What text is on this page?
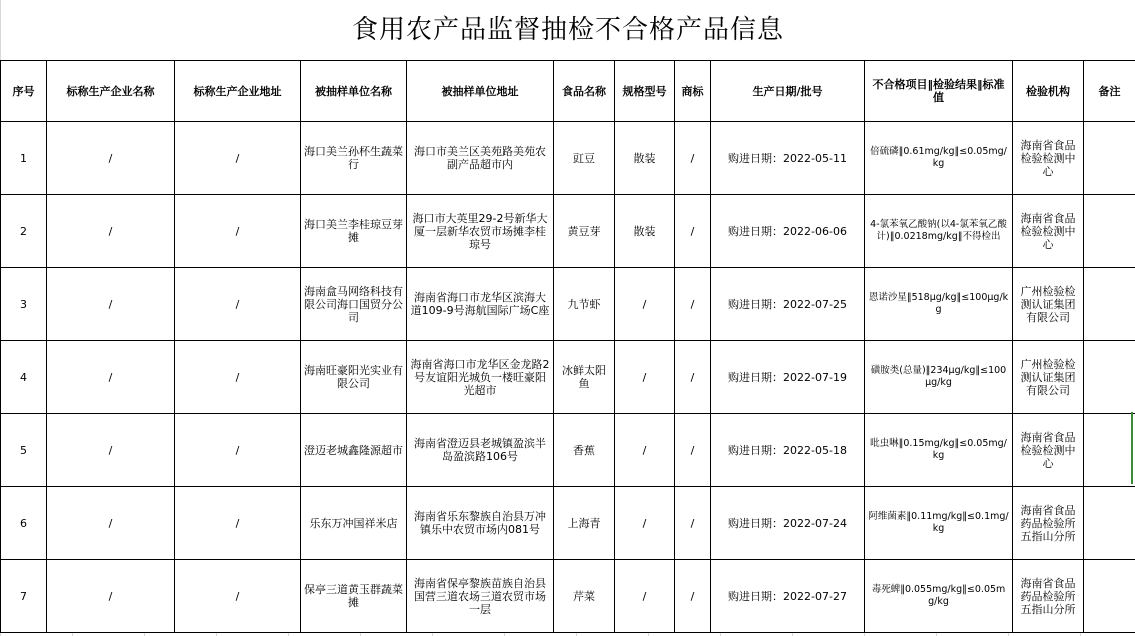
食用农产品监督抽检不合格产品信息											
序号	标称生产企业名称	标称生产企业地址	被抽样单位名称	被抽样单位地址	食品名称	规格型号	商标	生产日期/批号	不合格项目‖检验结果‖标准值	检验机构	备注
1	/	/	海口美兰孙杯生蔬菜行	海口市美兰区美苑路美苑农副产品超市内	豇豆	散装	/	购进日期：2022-05-11	倍硫磷‖0.61mg/kg‖≤0.05mg/kg	海南省食品检验检测中心	
2	/	/	海口美兰李桂琼豆芽摊	海口市大英里29-2号新华大厦一层新华农贸市场摊李桂琼号	黄豆芽	散装	/	购进日期：2022-06-06	4-氯苯氧乙酸钠(以4-氯苯氧乙酸计)‖0.0218mg/kg‖不得检出	海南省食品检验检测中心	
3	/	/	海南盒马网络科技有限公司海口国贸分公司	海南省海口市龙华区滨海大道109-9号海航国际广场C座	九节虾	/	/	购进日期：2022-07-25	恩诺沙星‖518μg/kg‖≤100μg/kg	广州检验检测认证集团有限公司	
4	/	/	海南旺豪阳光实业有限公司	海南省海口市龙华区金龙路2号友谊阳光城负一楼旺豪阳光超市	冰鲜太阳鱼	/	/	购进日期：2022-07-19	磺胺类(总量)‖234μg/kg‖≤100μg/kg	广州检验检测认证集团有限公司	
5	/	/	澄迈老城鑫隆源超市	海南省澄迈县老城镇盈滨半岛盈滨路106号	香蕉	/	/	购进日期：2022-05-18	吡虫啉‖0.15mg/kg‖≤0.05mg/kg	海南省食品检验检测中心	
6	/	/	乐东万冲国祥米店	海南省乐东黎族自治县万冲镇乐中农贸市场内081号	上海青	/	/	购进日期：2022-07-24	阿维菌素‖0.11mg/kg‖≤0.1mg/kg	海南省食品药品检验所五指山分所	
7	/	/	保亭三道黄玉群蔬菜摊	海南省保亭黎族苗族自治县国营三道农场三道农贸市场一层	芹菜	/	/	购进日期：2022-07-27	毒死蜱‖0.055mg/kg‖≤0.05mg/kg	海南省食品药品检验所五指山分所	
